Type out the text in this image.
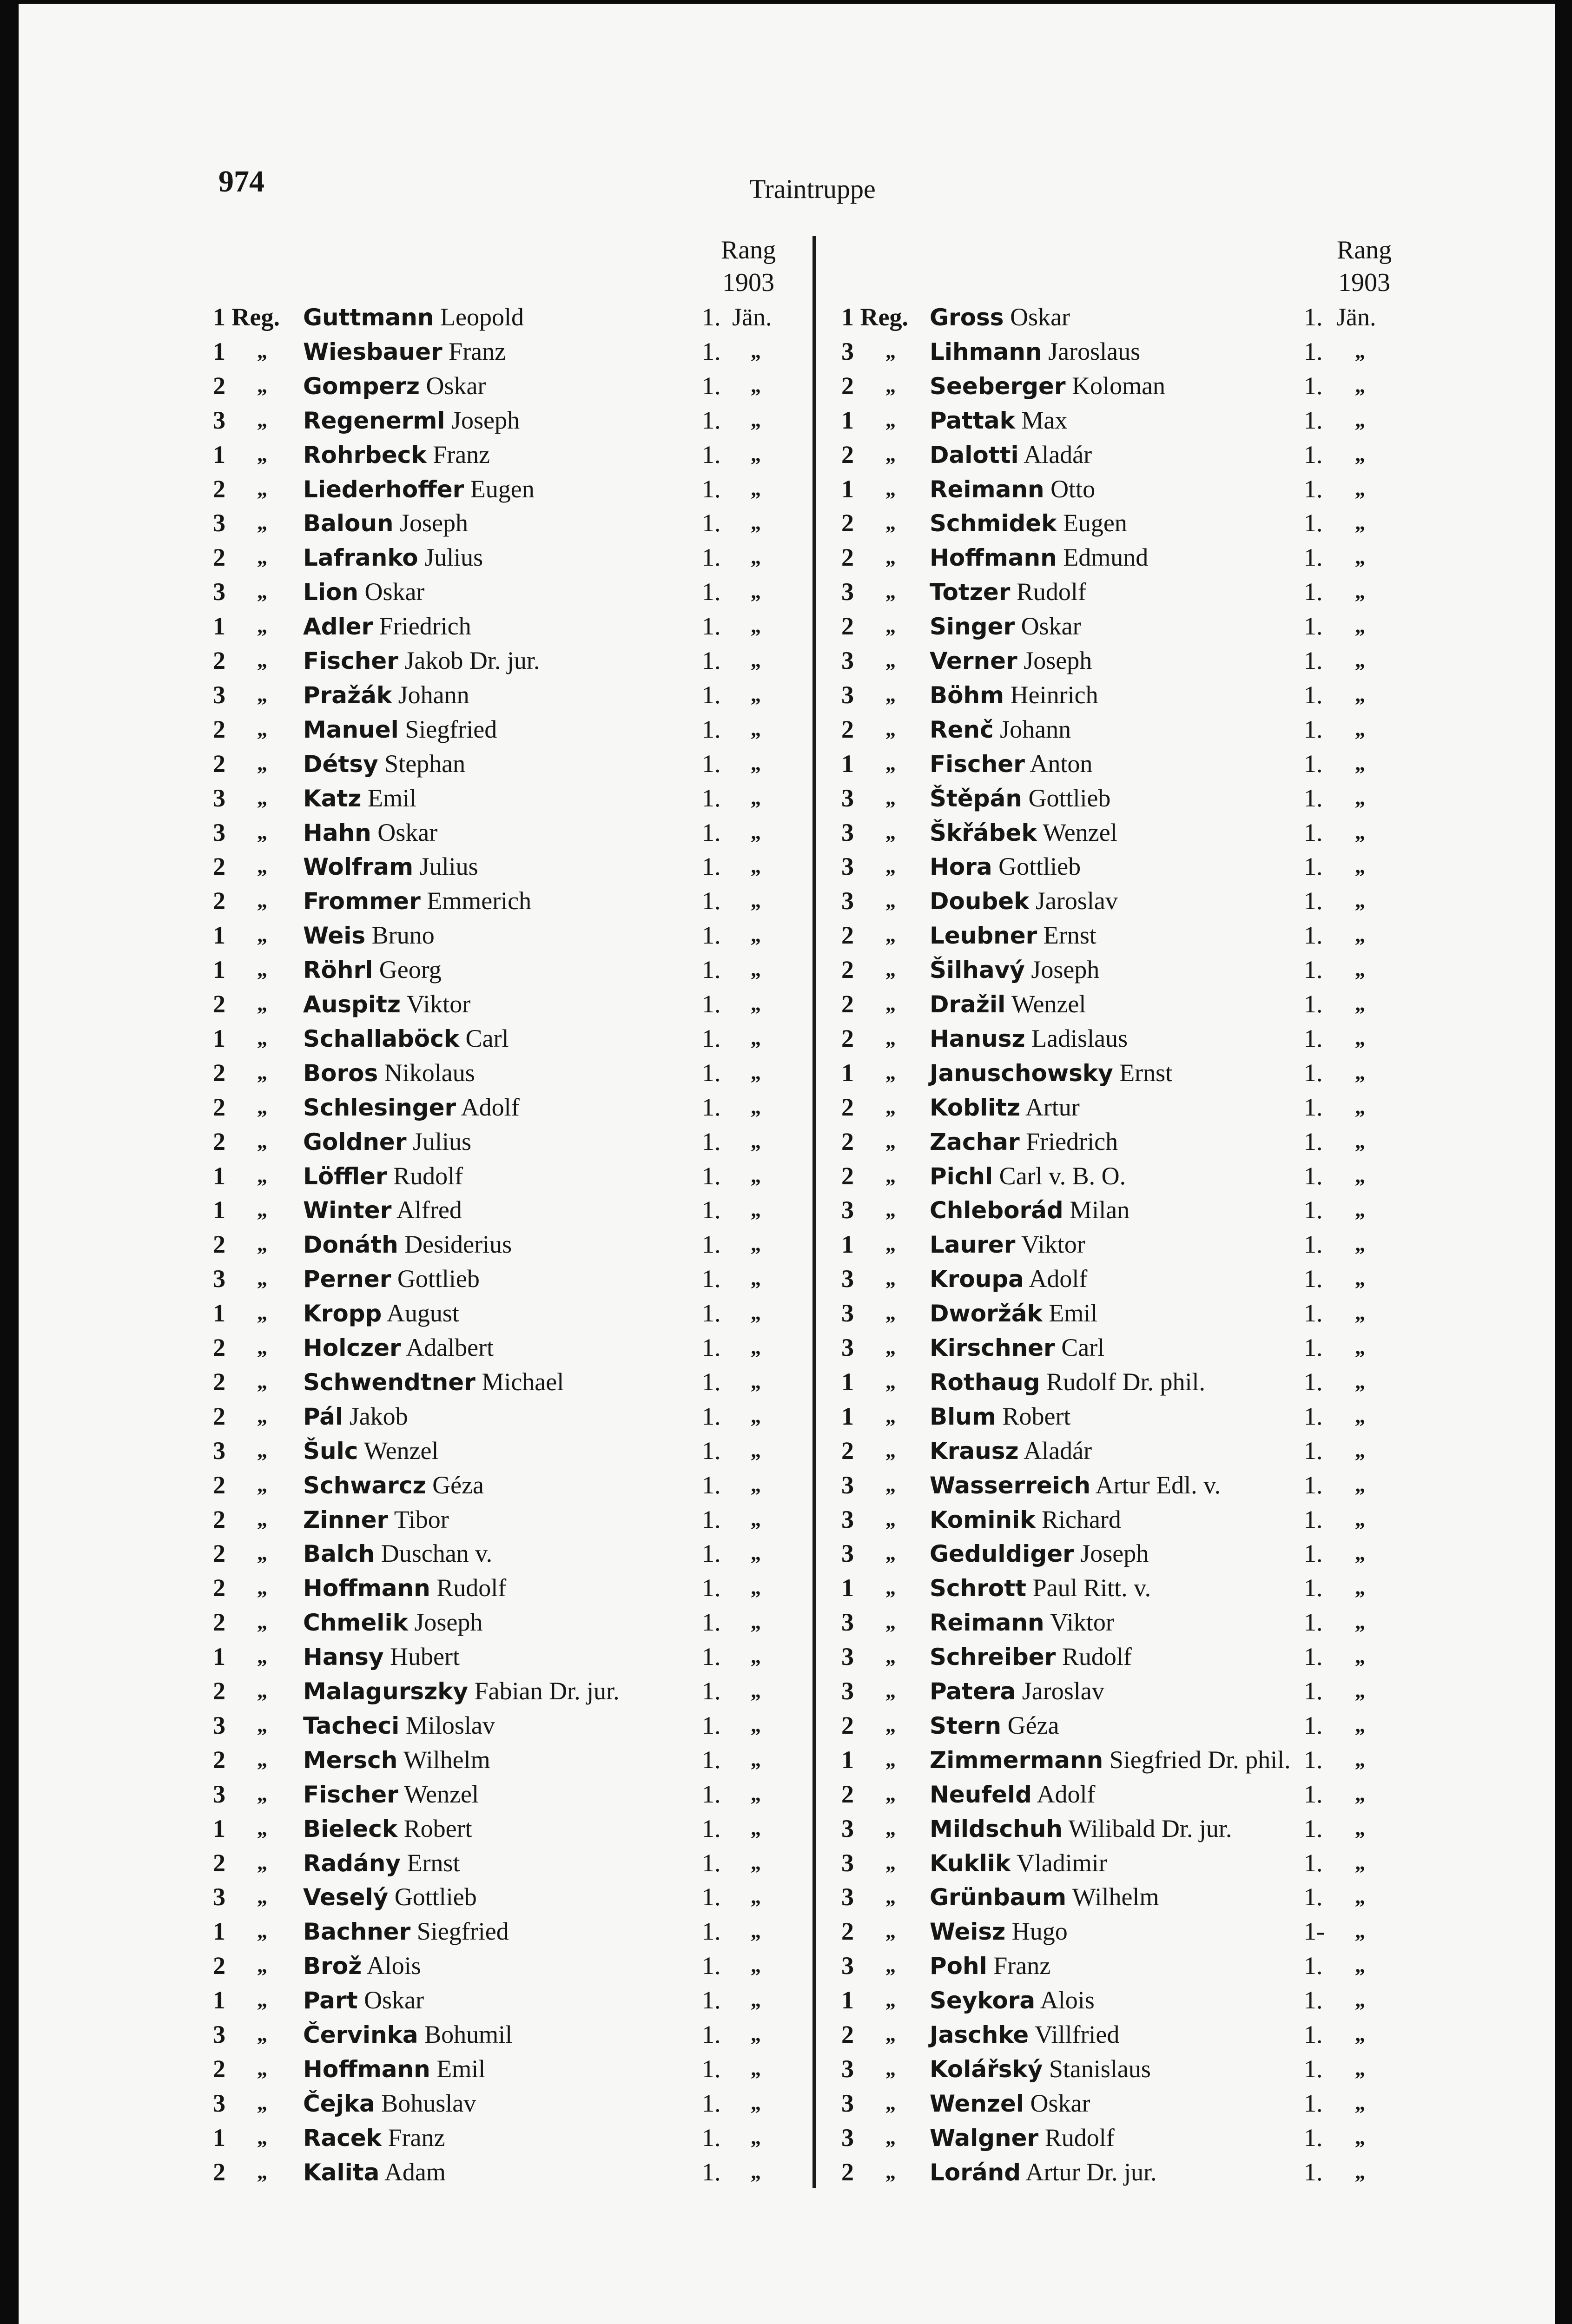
974	Traintruppe
Rang
1903
Rang
1903
1 Reg. Guttmann Leopold	1. Jän.
1 „ Wiesbauer Franz	1. „
2 „ Gomperz Oskar	1. „
3 „ Regenerml Joseph	1. „
1 „ Rohrbeck Franz	1. „
2 „ Liederhoffer Eugen	1. „
3 „ Baloun Joseph	1. „
2 „ Lafranko Julius	1. „
3 „ Lion Oskar	1. „
1 „ Adler Friedrich	1. „
2 „ Fischer Jakob Dr. jur.	1. „
3 „ Pražák Johann	1. „
2 „ Manuel Siegfried	1. „
2 „ Détsy Stephan	1. „
3 „ Katz Emil	1. „
3 „ Hahn Oskar	1. „
2 „ Wolfram Julius	1. „
2 „ Frommer Emmerich	1. „
1 „ Weis Bruno	1. „
1 „ Röhrl Georg	1. „
2 „ Auspitz Viktor	1. „
1 „ Schallaböck Carl	1. „
2 „ Boros Nikolaus	1. „
2 „ Schlesinger Adolf	1. „
2 „ Goldner Julius	1. „
1 „ Löffler Rudolf	1. „
1 „ Winter Alfred	1. „
2 „ Donáth Desiderius	1. „
3 „ Perner Gottlieb	1. „
1 „ Kropp August	1. „
2 „ Holczer Adalbert	1. „
2 „ Schwendtner Michael	1. „
2 „ Pál Jakob	1. „
3 „ Šulc Wenzel	1. „
2 „ Schwarcz Géza	1. „
2 „ Zinner Tibor	1. „
2 „ Balch Duschan v.	1. „
2 „ Hoffmann Rudolf	1. „
2 „ Chmelik Joseph	1. „
1 „ Hansy Hubert	1. „
2 „ Malagurszky Fabian Dr. jur.	1. „
3 „ Tacheci Miloslav	1. „
2 „ Mersch Wilhelm	1. „
3 „ Fischer Wenzel	1. „
1 „ Bieleck Robert	1. „
2 „ Radány Ernst	1. „
3 „ Veselý Gottlieb	1. „
1 „ Bachner Siegfried	1. „
2 „ Brož Alois	1. „
1 „ Part Oskar	1. „
3 „ Červinka Bohumil	1. „
2 „ Hoffmann Emil	1. „
3 „ Čejka Bohuslav	1. „
1 „ Racek Franz	1. „
2 „ Kalita Adam	1. „
1 Reg. Gross Oskar	1. Jän.
3 „ Lihmann Jaroslaus	1. „
2 „ Seeberger Koloman	1. „
1 „ Pattak Max	1. „
2 „ Dalotti Aladár	1. „
1 „ Reimann Otto	1. „
2 „ Schmidek Eugen	1. „
2 „ Hoffmann Edmund	1. „
3 „ Totzer Rudolf	1. „
2 „ Singer Oskar	1. „
3 „ Verner Joseph	1. „
3 „ Böhm Heinrich	1. „
2 „ Renč Johann	1. „
1 „ Fischer Anton	1. „
3 „ Štěpán Gottlieb	1. „
3 „ Škřábek Wenzel	1. „
3 „ Hora Gottlieb	1. „
3 „ Doubek Jaroslav	1. „
2 „ Leubner Ernst	1. „
2 „ Šilhavý Joseph	1. „
2 „ Dražil Wenzel	1. „
2 „ Hanusz Ladislaus	1. „
1 „ Januschowsky Ernst	1. „
2 „ Koblitz Artur	1. „
2 „ Zachar Friedrich	1. „
2 „ Pichl Carl v. B. O.	1. „
3 „ Chleborád Milan	1. „
1 „ Laurer Viktor	1. „
3 „ Kroupa Adolf	1. „
3 „ Dworžák Emil	1. „
3 „ Kirschner Carl	1. „
1 „ Rothaug Rudolf Dr. phil.	1. „
1 „ Blum Robert	1. „
2 „ Krausz Aladár	1. „
3 „ Wasserreich Artur Edl. v.	1. „
3 „ Kominik Richard	1. „
3 „ Geduldiger Joseph	1. „
1 „ Schrott Paul Ritt. v.	1. „
3 „ Reimann Viktor	1. „
3 „ Schreiber Rudolf	1. „
3 „ Patera Jaroslav	1. „
2 „ Stern Géza	1. „
1 „ Zimmermann Siegfried Dr. phil. 1. „
2 „ Neufeld Adolf	1. „
3 „ Mildschuh Wilibald Dr. jur.	1. „
3 „ Kuklik Vladimir	1. „
3 „ Grünbaum Wilhelm	1. „
2 „ Weisz Hugo	1- „
3 „ Pohl Franz	1. „
1 „ Seykora Alois	1. „
2 „ Jaschke Villfried	1. „
3 „ Kolářský Stanislaus	1. „
3 „ Wenzel Oskar	1. „
3 „ Walgner Rudolf	1. „
2 „ Loránd Artur Dr. jur.	1. „
